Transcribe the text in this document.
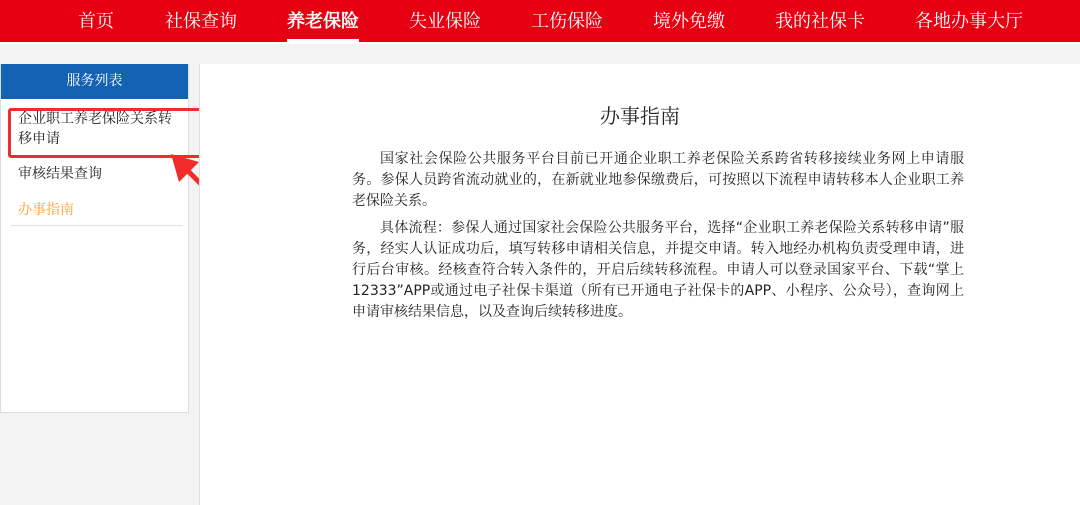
首页	社保查询	养老保险	失业保险	工伤保险	境外免缴	我的社保卡	各地办事大厅
服务列表
企业职工养老保险关系转移申请
审核结果查询
办事指南
办事指南

国家社会保险公共服务平台目前已开通企业职工养老保险关系跨省转移接续业务网上申请服务。参保人员跨省流动就业的，在新就业地参保缴费后，可按照以下流程申请转移本人企业职工养老保险关系。

具体流程：参保人通过国家社会保险公共服务平台，选择“企业职工养老保险关系转移申请”服务，经实人认证成功后，填写转移申请相关信息，并提交申请。转入地经办机构负责受理申请，进行后台审核。经核查符合转入条件的，开启后续转移流程。申请人可以登录国家平台、下载“掌上12333”APP或通过电子社保卡渠道（所有已开通电子社保卡的APP、小程序、公众号），查询网上申请审核结果信息，以及查询后续转移进度。
